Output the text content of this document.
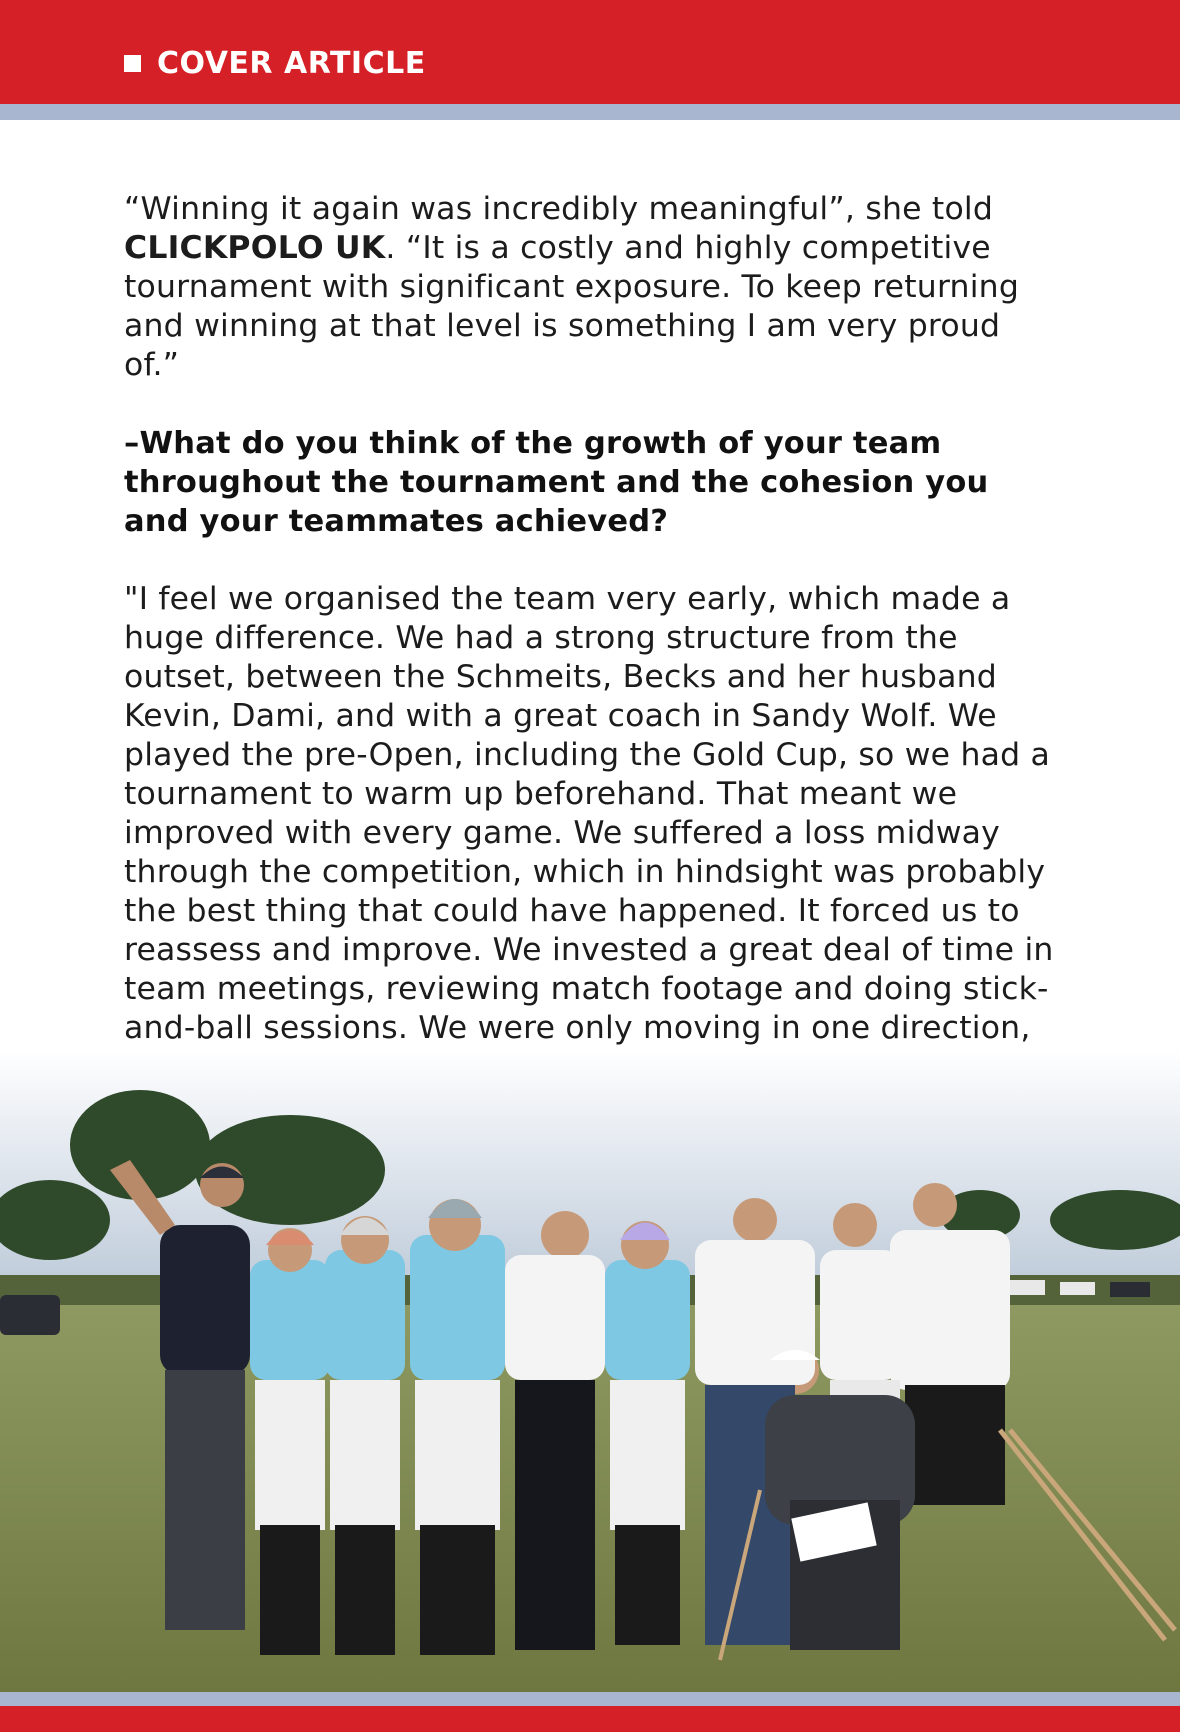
COVER ARTICLE

“Winning it again was incredibly meaningful”, she told CLICKPOLO UK. “It is a costly and highly competitive tournament with significant exposure. To keep returning and winning at that level is something I am very proud of.”

–What do you think of the growth of your team throughout the tournament and the cohesion you and your teammates achieved?

"I feel we organised the team very early, which made a huge difference. We had a strong structure from the outset, between the Schmeits, Becks and her husband Kevin, Dami, and with a great coach in Sandy Wolf. We played the pre-Open, including the Gold Cup, so we had a tournament to warm up beforehand. That meant we improved with every game. We suffered a loss midway through the competition, which in hindsight was probably the best thing that could have happened. It forced us to reassess and improve. We invested a great deal of time in team meetings, reviewing match footage and doing stick-and-ball sessions. We were only moving in one direction,
